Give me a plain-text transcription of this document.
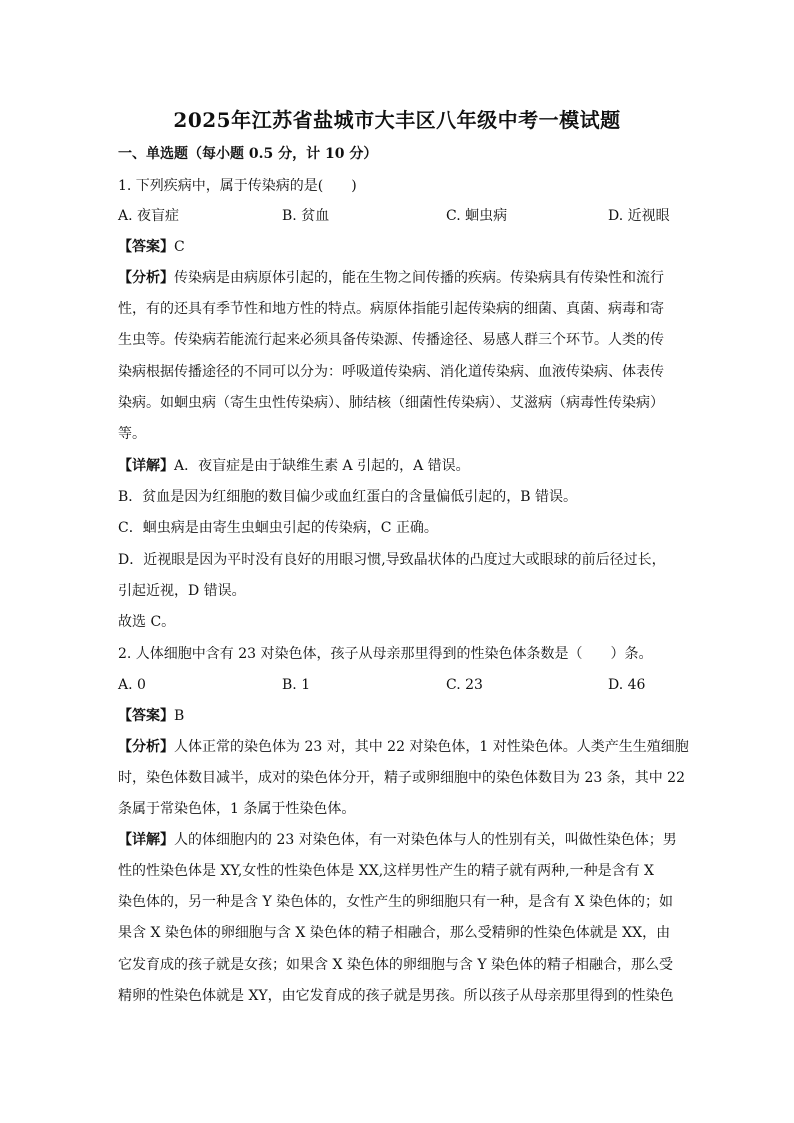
2025年江苏省盐城市大丰区八年级中考一模试题
一、单选题（每小题 0.5 分，计 10 分）
1. 下列疾病中，属于传染病的是(　　)
A. 夜盲症	B. 贫血	C. 蛔虫病	D. 近视眼
【答案】C
【分析】传染病是由病原体引起的，能在生物之间传播的疾病。传染病具有传染性和流行
性，有的还具有季节性和地方性的特点。病原体指能引起传染病的细菌、真菌、病毒和寄
生虫等。传染病若能流行起来必须具备传染源、传播途径、易感人群三个环节。人类的传
染病根据传播途径的不同可以分为：呼吸道传染病、消化道传染病、血液传染病、体表传
染病。如蛔虫病（寄生虫性传染病）、肺结核（细菌性传染病）、艾滋病（病毒性传染病）
等。
【详解】A．夜盲症是由于缺维生素 A 引起的，A 错误。
B．贫血是因为红细胞的数目偏少或血红蛋白的含量偏低引起的，B 错误。
C．蛔虫病是由寄生虫蛔虫引起的传染病，C 正确。
D．近视眼是因为平时没有良好的用眼习惯,导致晶状体的凸度过大或眼球的前后径过长，
引起近视，D 错误。
故选 C。
2. 人体细胞中含有 23 对染色体，孩子从母亲那里得到的性染色体条数是（　　）条。
A. 0	B. 1	C. 23	D. 46
【答案】B
【分析】人体正常的染色体为 23 对，其中 22 对染色体，1 对性染色体。人类产生生殖细胞
时，染色体数目减半，成对的染色体分开，精子或卵细胞中的染色体数目为 23 条，其中 22
条属于常染色体，1 条属于性染色体。
【详解】人的体细胞内的 23 对染色体，有一对染色体与人的性别有关，叫做性染色体；男
性的性染色体是 XY,女性的性染色体是 XX,这样男性产生的精子就有两种,一种是含有 X
染色体的，另一种是含 Y 染色体的，女性产生的卵细胞只有一种，是含有 X 染色体的；如
果含 X 染色体的卵细胞与含 X 染色体的精子相融合，那么受精卵的性染色体就是 XX，由
它发育成的孩子就是女孩；如果含 X 染色体的卵细胞与含 Y 染色体的精子相融合，那么受
精卵的性染色体就是 XY，由它发育成的孩子就是男孩。所以孩子从母亲那里得到的性染色
